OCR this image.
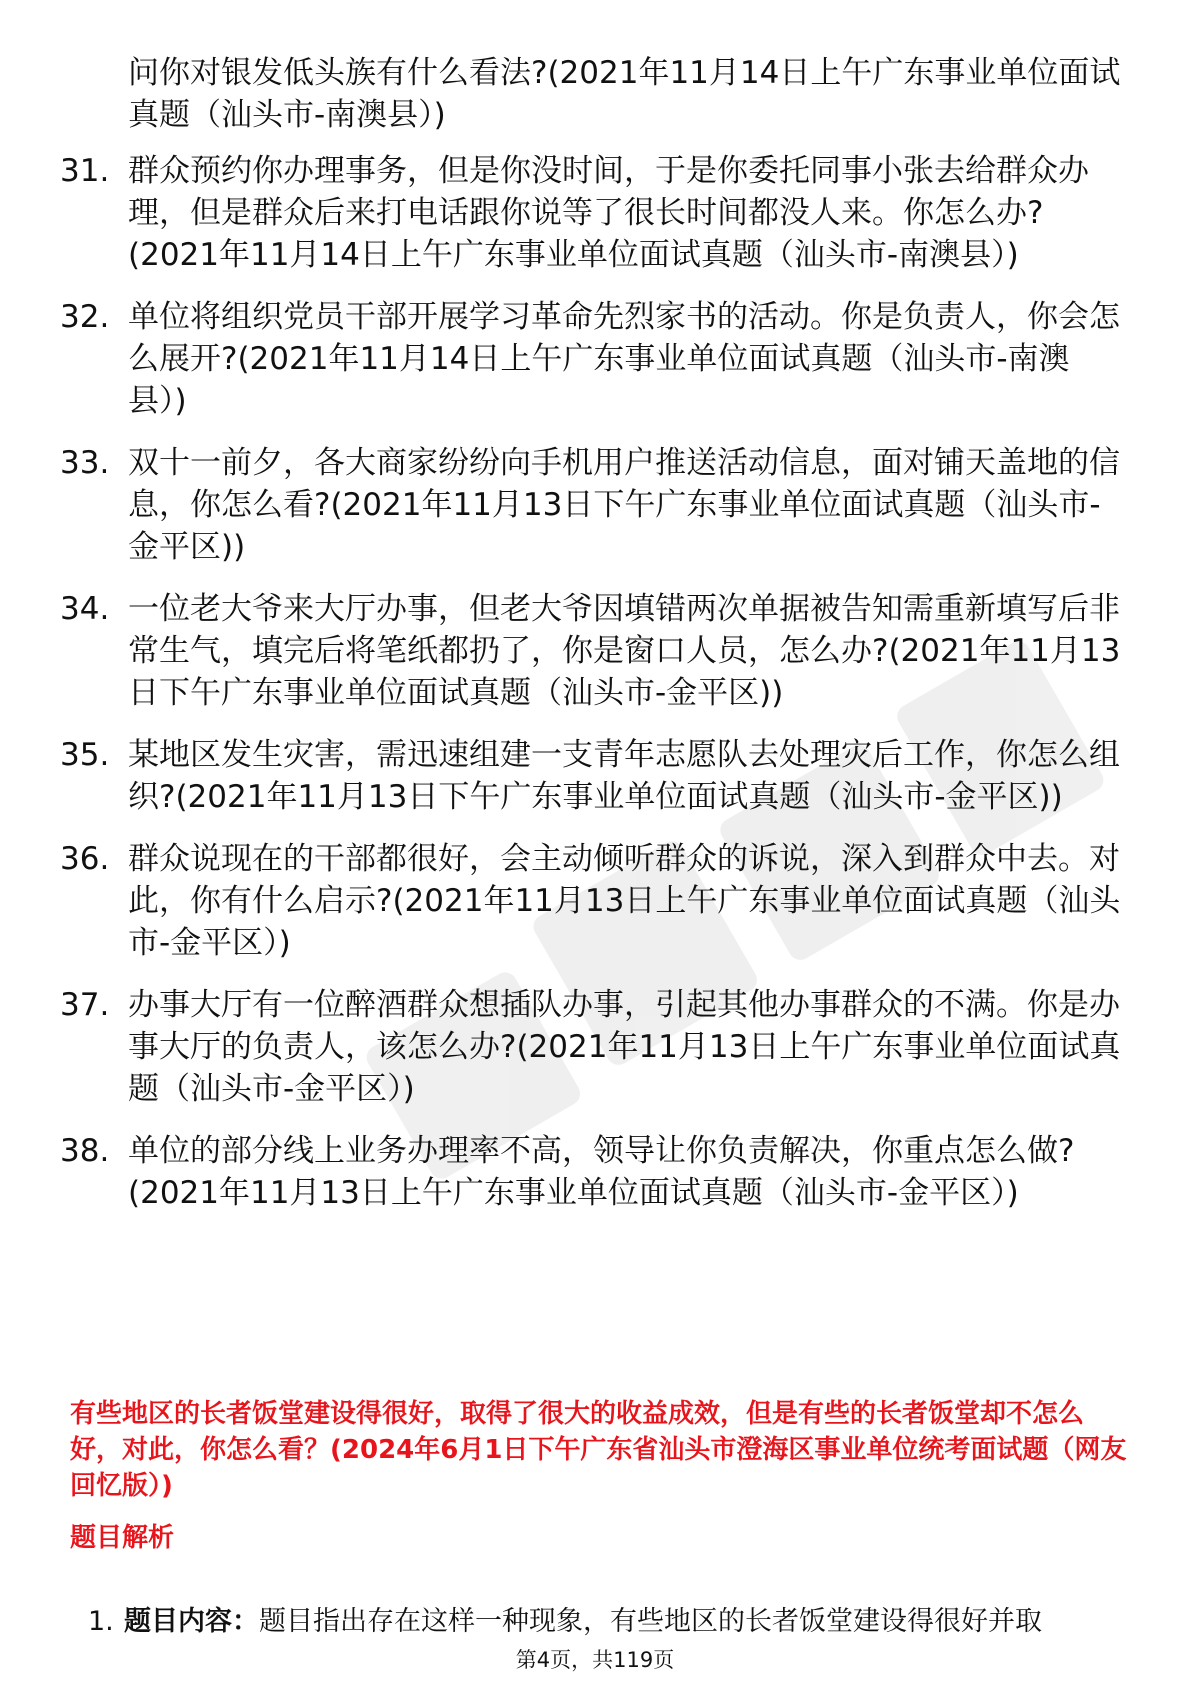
问你对银发低头族有什么看法?(2021年11月14日上午广东事业单位面试真题（汕头市-南澳县）)
31. 群众预约你办理事务，但是你没时间，于是你委托同事小张去给群众办理，但是群众后来打电话跟你说等了很长时间都没人来。你怎么办?(2021年11月14日上午广东事业单位面试真题（汕头市-南澳县）)
32. 单位将组织党员干部开展学习革命先烈家书的活动。你是负责人，你会怎么展开?(2021年11月14日上午广东事业单位面试真题（汕头市-南澳县）)
33. 双十一前夕，各大商家纷纷向手机用户推送活动信息，面对铺天盖地的信息，你怎么看?(2021年11月13日下午广东事业单位面试真题（汕头市-金平区))
34. 一位老大爷来大厅办事，但老大爷因填错两次单据被告知需重新填写后非常生气，填完后将笔纸都扔了，你是窗口人员，怎么办?(2021年11月13日下午广东事业单位面试真题（汕头市-金平区))
35. 某地区发生灾害，需迅速组建一支青年志愿队去处理灾后工作，你怎么组织?(2021年11月13日下午广东事业单位面试真题（汕头市-金平区))
36. 群众说现在的干部都很好，会主动倾听群众的诉说，深入到群众中去。对此，你有什么启示?(2021年11月13日上午广东事业单位面试真题（汕头市-金平区）)
37. 办事大厅有一位醉酒群众想插队办事，引起其他办事群众的不满。你是办事大厅的负责人，该怎么办?(2021年11月13日上午广东事业单位面试真题（汕头市-金平区）)
38. 单位的部分线上业务办理率不高，领导让你负责解决，你重点怎么做?(2021年11月13日上午广东事业单位面试真题（汕头市-金平区）)
有些地区的长者饭堂建设得很好，取得了很大的收益成效，但是有些的长者饭堂却不怎么好，对此，你怎么看？(2024年6月1日下午广东省汕头市澄海区事业单位统考面试题（网友回忆版）)
题目解析
1. 题目内容：题目指出存在这样一种现象，有些地区的长者饭堂建设得很好并取
第4页，共119页
